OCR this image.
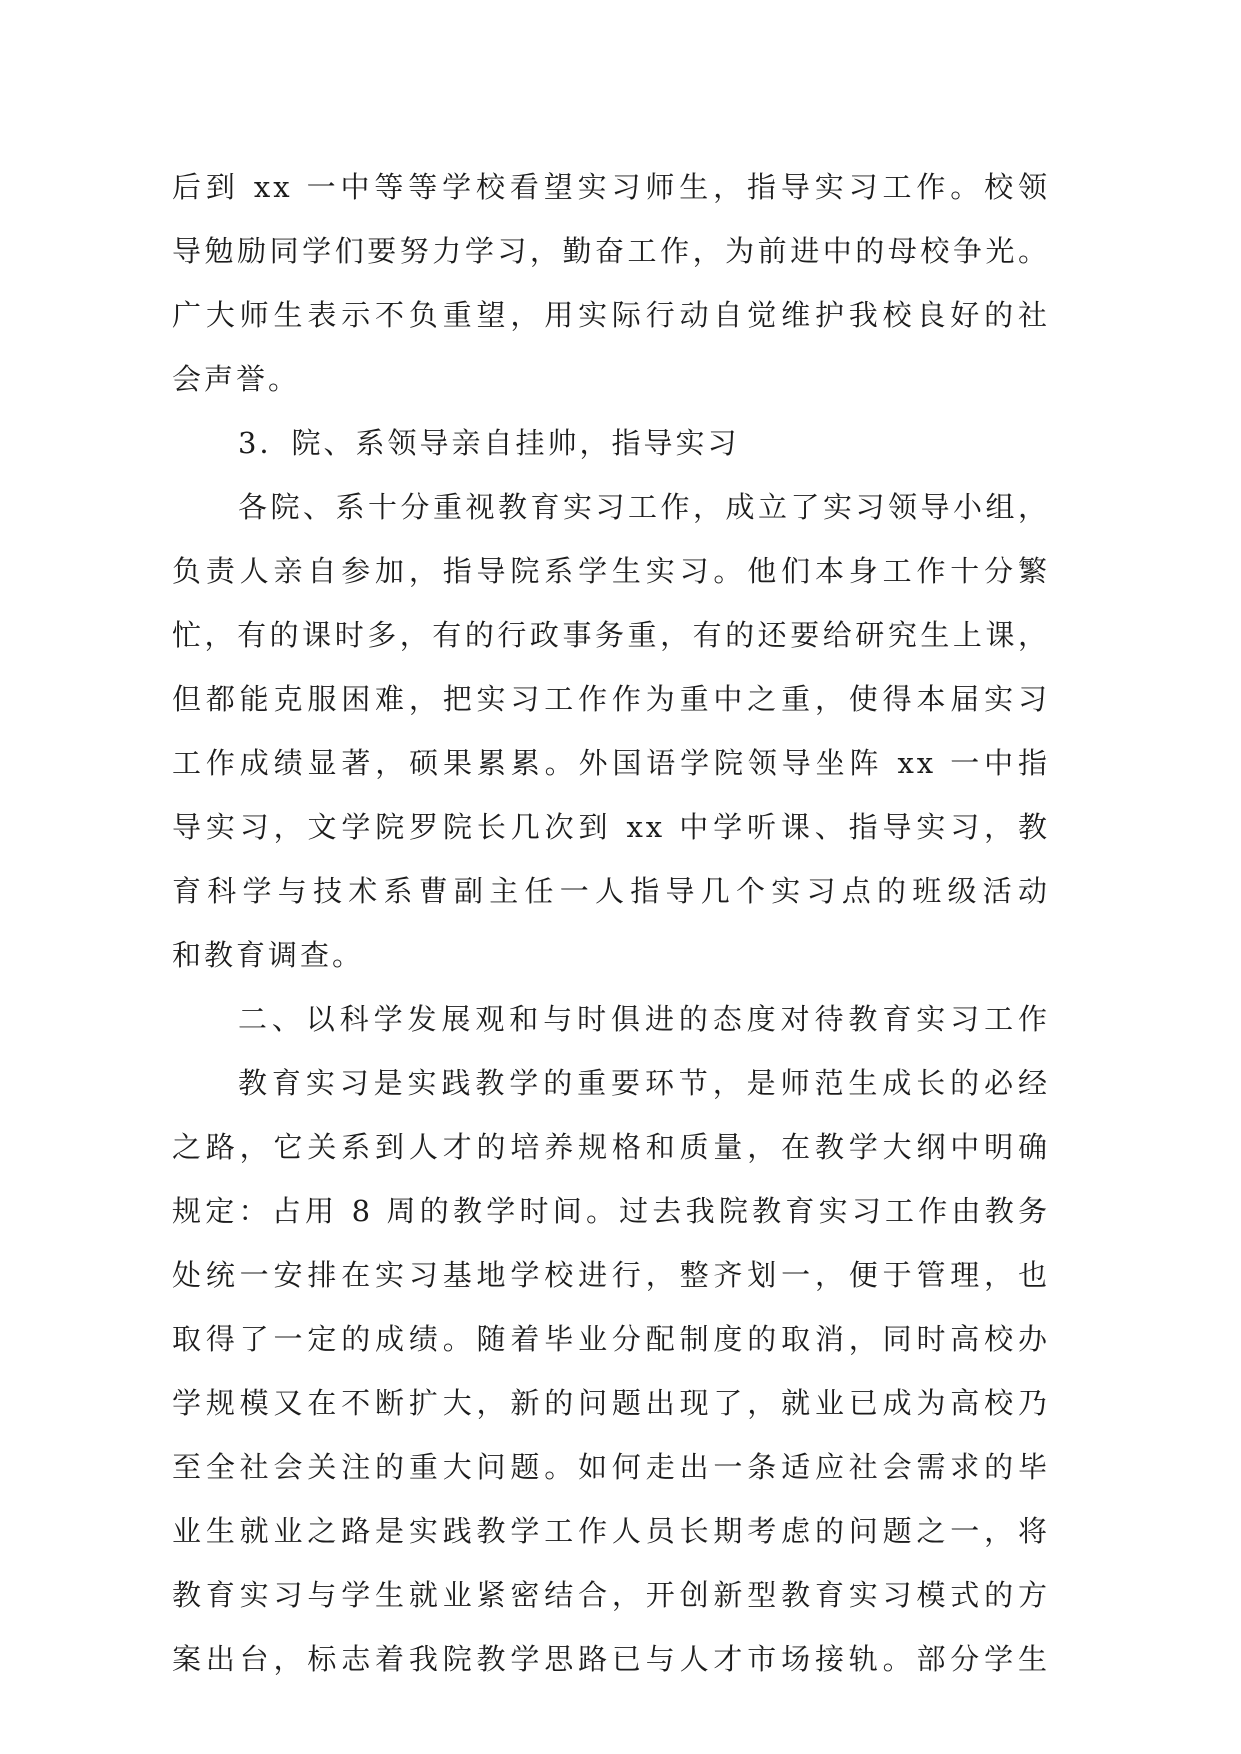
后到 xx 一中等等学校看望实习师生，指导实习工作。校领
导勉励同学们要努力学习，勤奋工作，为前进中的母校争光。
广大师生表示不负重望，用实际行动自觉维护我校良好的社
会声誉。
3．院、系领导亲自挂帅，指导实习
各院、系十分重视教育实习工作，成立了实习领导小组，
负责人亲自参加，指导院系学生实习。他们本身工作十分繁
忙，有的课时多，有的行政事务重，有的还要给研究生上课，
但都能克服困难，把实习工作作为重中之重，使得本届实习
工作成绩显著，硕果累累。外国语学院领导坐阵 xx 一中指
导实习，文学院罗院长几次到 xx 中学听课、指导实习，教
育科学与技术系曹副主任一人指导几个实习点的班级活动
和教育调查。
二、以科学发展观和与时俱进的态度对待教育实习工作
教育实习是实践教学的重要环节，是师范生成长的必经
之路，它关系到人才的培养规格和质量，在教学大纲中明确
规定：占用 8 周的教学时间。过去我院教育实习工作由教务
处统一安排在实习基地学校进行，整齐划一，便于管理，也
取得了一定的成绩。随着毕业分配制度的取消，同时高校办
学规模又在不断扩大，新的问题出现了，就业已成为高校乃
至全社会关注的重大问题。如何走出一条适应社会需求的毕
业生就业之路是实践教学工作人员长期考虑的问题之一，将
教育实习与学生就业紧密结合，开创新型教育实习模式的方
案出台，标志着我院教学思路已与人才市场接轨。部分学生
